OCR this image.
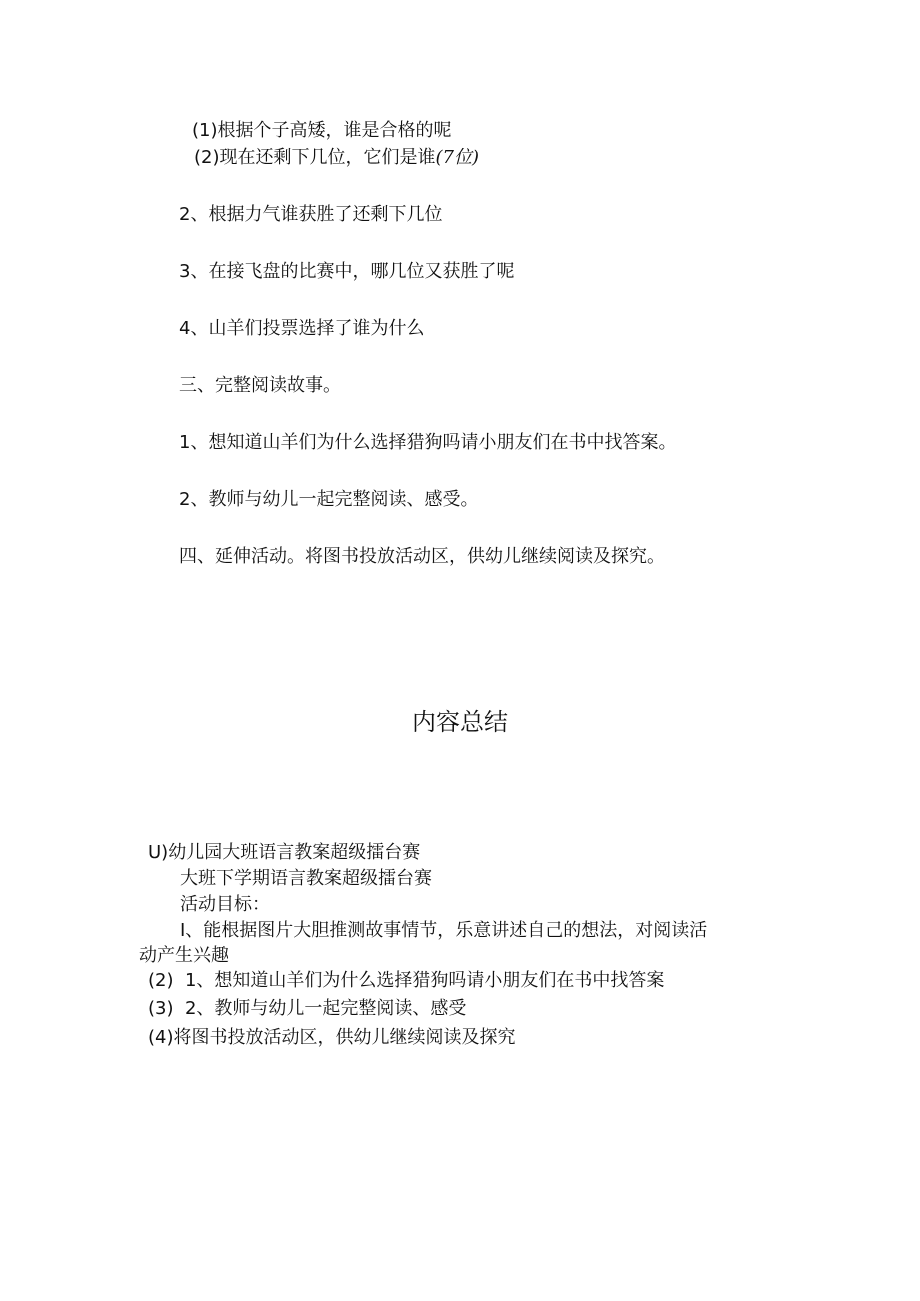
(1)根据个子高矮，谁是合格的呢
(2)现在还剩下几位，它们是谁(7位)
2、根据力气谁获胜了还剩下几位
3、在接飞盘的比赛中，哪几位又获胜了呢
4、山羊们投票选择了谁为什么
三、完整阅读故事。
1、想知道山羊们为什么选择猎狗吗请小朋友们在书中找答案。
2、教师与幼儿一起完整阅读、感受。
四、延伸活动。将图书投放活动区，供幼儿继续阅读及探究。
内容总结
U)幼儿园大班语言教案超级擂台赛
大班下学期语言教案超级擂台赛
活动目标：
I、能根据图片大胆推测故事情节，乐意讲述自己的想法，对阅读活
动产生兴趣
(2)  1、想知道山羊们为什么选择猎狗吗请小朋友们在书中找答案
(3)  2、教师与幼儿一起完整阅读、感受
(4)将图书投放活动区，供幼儿继续阅读及探究
